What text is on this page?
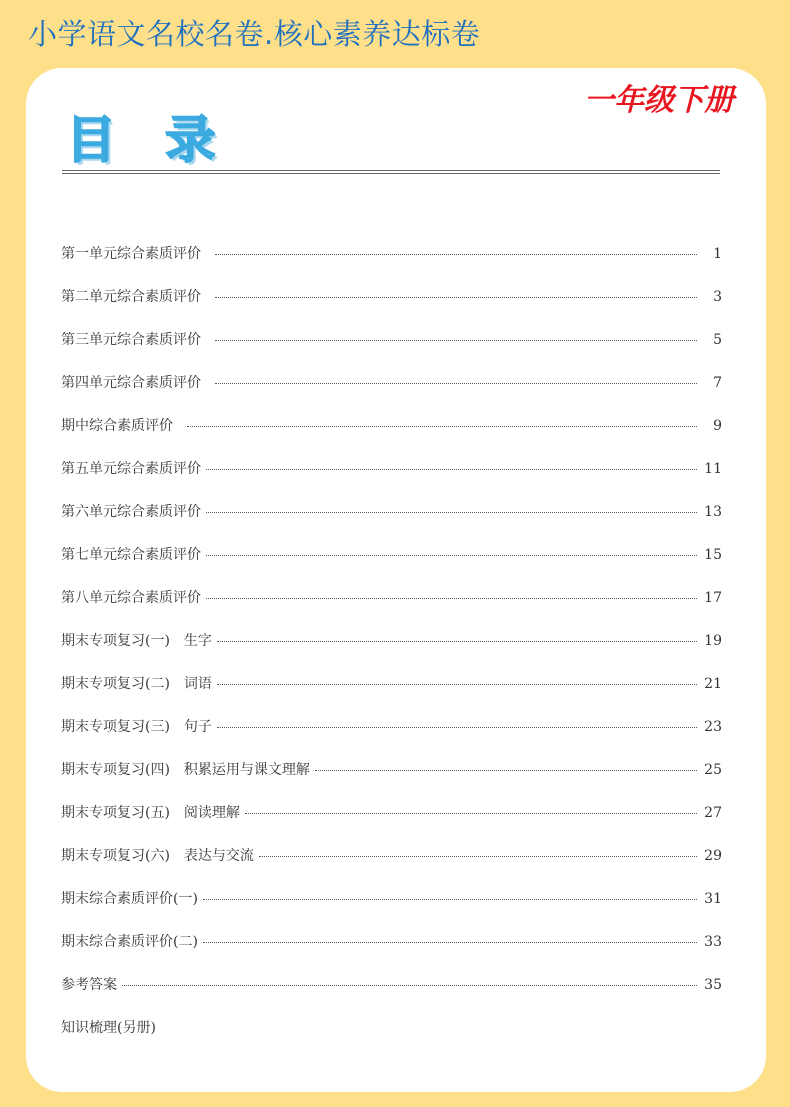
小学语文名校名卷.核心素养达标卷
一年级下册
目 录
第一单元综合素质评价	1
第二单元综合素质评价	3
第三单元综合素质评价	5
第四单元综合素质评价	7
期中综合素质评价	9
第五单元综合素质评价	11
第六单元综合素质评价	13
第七单元综合素质评价	15
第八单元综合素质评价	17
期末专项复习(一)　生字	19
期末专项复习(二)　词语	21
期末专项复习(三)　句子	23
期末专项复习(四)　积累运用与课文理解	25
期末专项复习(五)　阅读理解	27
期末专项复习(六)　表达与交流	29
期末综合素质评价(一)	31
期末综合素质评价(二)	33
参考答案	35
知识梳理(另册)
